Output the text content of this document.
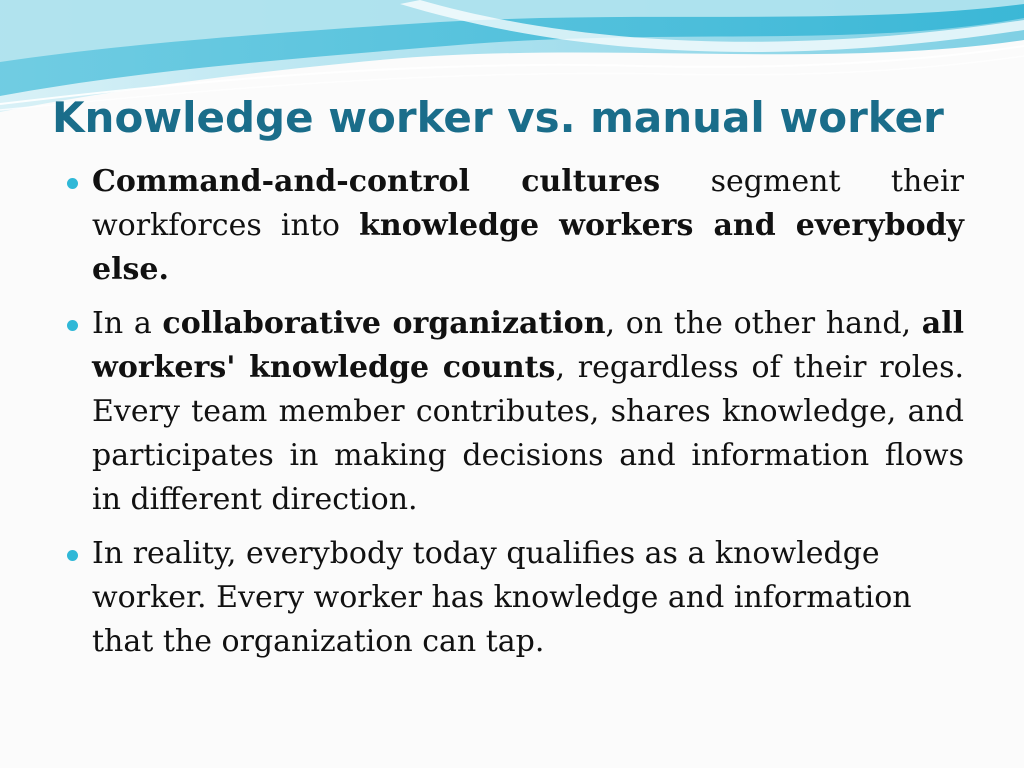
Knowledge worker vs. manual worker
Command-and-control cultures segment their workforces into knowledge workers and everybody else.
In a collaborative organization, on the other hand, all workers' knowledge counts, regardless of their roles. Every team member contributes, shares knowledge, and participates in making decisions and information flows in different direction.
In reality, everybody today qualifies as a knowledge worker. Every worker has knowledge and information that the organization can tap.
